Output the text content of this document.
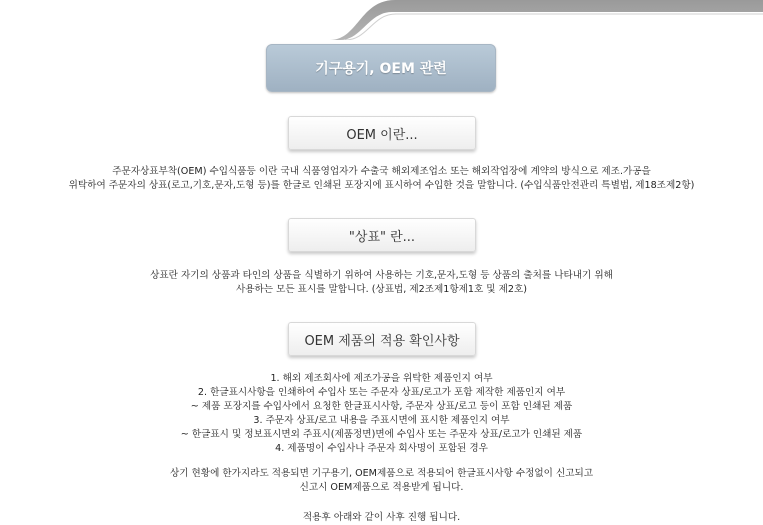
기구용기, OEM 관련
OEM 이란...
주문자상표부착(OEM) 수입식품등 이란 국내 식품영업자가 수출국 해외제조업소 또는 해외작업장에 계약의 방식으로 제조.가공을
위탁하여 주문자의 상표(로고,기호,문자,도형 등)를 한글로 인쇄된 포장지에 표시하여 수입한 것을 말합니다. (수입식품안전관리 특별법, 제18조제2항)
"상표" 란...
상표란 자기의 상품과 타인의 상품을 식별하기 위하여 사용하는 기호,문자,도형 등 상품의 출처를 나타내기 위해
사용하는 모든 표시를 말합니다. (상표법, 제2조제1항제1호 및 제2호)
OEM 제품의 적용 확인사항
1. 해외 제조회사에 제조가공을 위탁한 제품인지 여부
2. 한글표시사항을 인쇄하여 수입사 또는 주문자 상표/로고가 포함 제작한 제품인지 여부
~ 제품 포장지를 수입사에서 요청한 한글표시사항, 주문자 상표/로고 등이 포함 인쇄된 제품
3. 주문자 상표/로고 내용을 주표시면에 표시한 제품인지 여부
~ 한글표시 및 정보표시면외 주표시(제품정면)면에 수입사 또는 주문자 상표/로고가 인쇄된 제품
4. 제품명이 수입사나 주문자 회사명이 포함된 경우
상기 현황에 한가지라도 적용되면 기구용기, OEM제품으로 적용되어 한글표시사항 수정없이 신고되고
신고시 OEM제품으로 적용받게 됩니다.
적용후 아래와 같이 사후 진행 됩니다.
